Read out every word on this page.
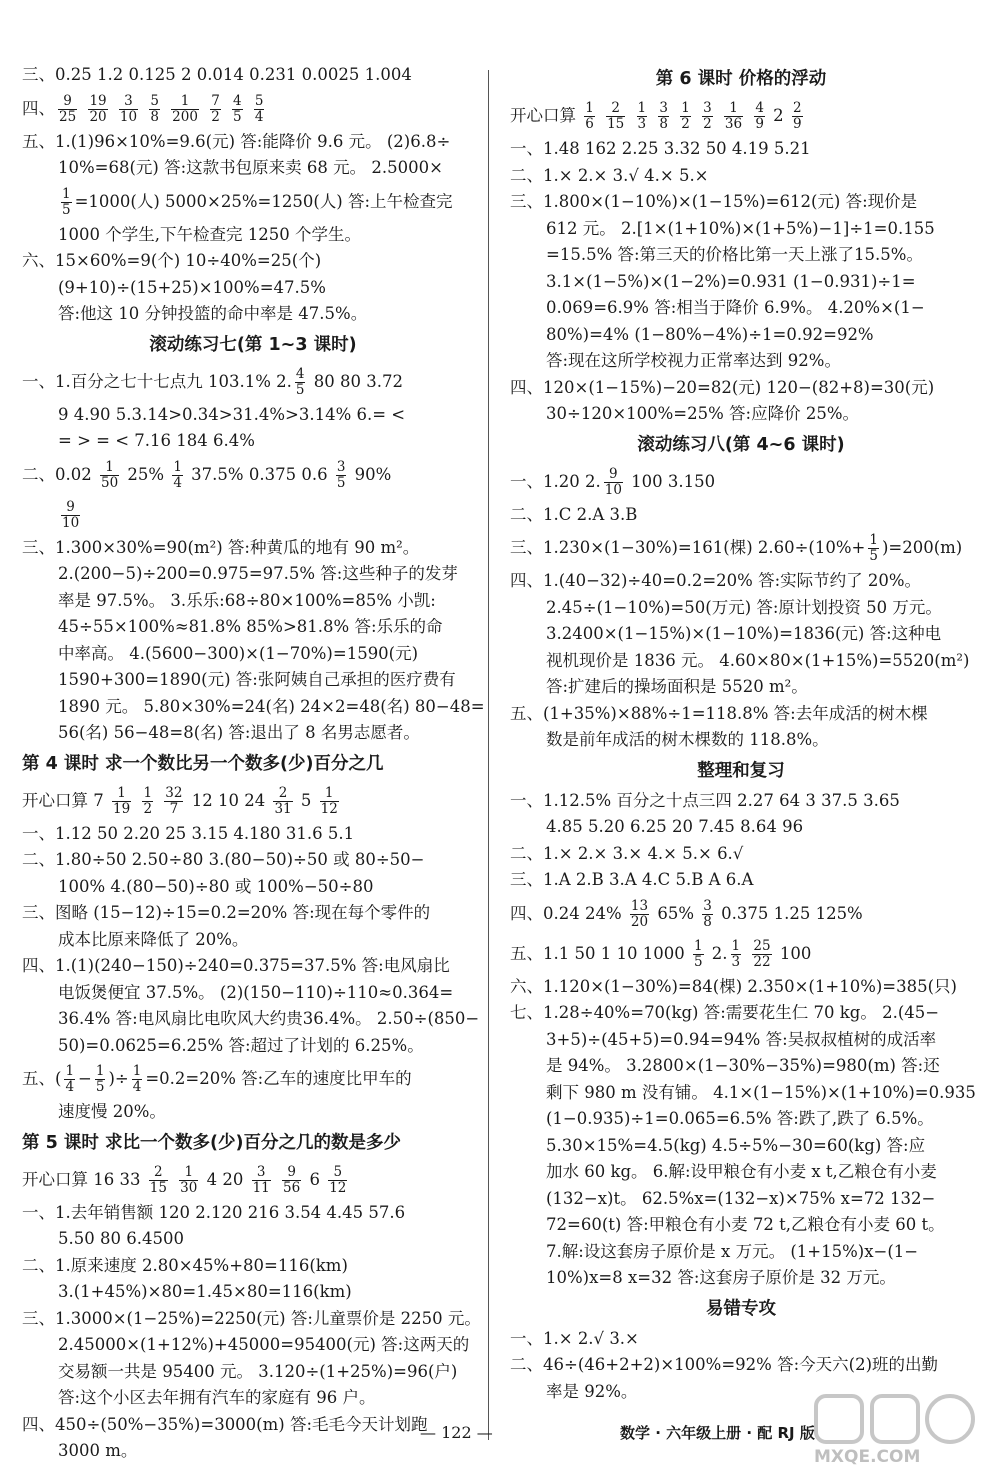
三、0.25 1.2 0.125 2 0.014 0.231 0.0025 1.004
四、 $\frac{9}{25}$
$\frac{19}{20}$
$\frac{3}{10}$
$\frac{5}{8}$
$\frac{1}{200}$
$\frac{7}{2}$
$\frac{4}{5}$
$\frac{5}{4}$
五、1.(1)96×10%=9.6(元) 答:能降价 9.6 元。 (2)6.8÷
10%=68(元) 答:这款书包原来卖 68 元。 2.5000×
$\frac{1}{5} =1000$(人) 5000×25%=1250(人) 答:上午检查完
1000 个学生,下午检查完 1250 个学生。
六、15×60%=9(个) 10÷40%=25(个)
(9+10)÷(15+25)×100%=47.5%
答:他这 10 分钟投篮的命中率是 47.5%。
滚动练习七(第 1~3 课时)
一、1.百分之七十七点九 103.1% 2. $\frac{4}{5} 80$ 80 3.72
9 4.90 5.3.14>0.34>31.4%>3.14% 6.= <
= > = < 7.16 184 6.4%
二、$0.02 \frac{1}{50} 25\% \frac{1}{4} 37.5\%$ 0.375 $0.6 \frac{3}{5} 90\%$
$\frac{9}{10}$
三、1.300×30%=90(m²) 答:种黄瓜的地有 90 m²。
2.(200−5)÷200=0.975=97.5% 答:这些种子的发芽
率是 97.5%。 3.乐乐:68÷80×100%=85% 小凯:
45÷55×100%≈81.8% 85%>81.8% 答:乐乐的命
中率高。 4.(5600−300)×(1−70%)=1590(元)
1590+300=1890(元) 答:张阿姨自己承担的医疗费有
1890 元。 5.80×30%=24(名) 24×2=48(名) 80−48=
56(名) 56−48=8(名) 答:退出了 8 名男志愿者。
第 4 课时 求一个数比另一个数多(少)百分之几
开心口算 $7 \frac{1}{19}$
$\frac{1}{2}$
$\frac{32}{7} 12$ 10 $24 \frac{2}{31} 5 \frac{1}{12}$
一、1.12 50 2.20 25 3.15 4.180 31.6 5.1
二、1.80÷50 2.50÷80 3.(80−50)÷50 或 80÷50−
100% 4.(80−50)÷80 或 100%−50÷80
三、图略 (15−12)÷15=0.2=20% 答:现在每个零件的
成本比原来降低了 20%。
四、1.(1)(240−150)÷240=0.375=37.5% 答:电风扇比
电饭煲便宜 37.5%。 (2)(150−110)÷110≈0.364=
36.4% 答:电风扇比电吹风大约贵36.4%。 2.50÷(850−
50)=0.0625=6.25% 答:超过了计划的 6.25%。
五、( $\frac{1}{4} - \frac{1}{5}$ )÷ $\frac{1}{4} =0.2=20\%$ 答:乙车的速度比甲车的
速度慢 20%。
第 5 课时 求比一个数多(少)百分之几的数是多少
开心口算 16 $33 \frac{2}{15}$
$\frac{1}{30} 4$ $20 \frac{3}{11}$
$\frac{9}{56} 6 \frac{5}{12}$
一、1.去年销售额 120 2.120 216 3.54 4.45 57.6
5.50 80 6.4500
二、1.原来速度 2.80×45%+80=116(km)
3.(1+45%)×80=1.45×80=116(km)
三、1.3000×(1−25%)=2250(元) 答:儿童票价是 2250 元。
2.45000×(1+12%)+45000=95400(元) 答:这两天的
交易额一共是 95400 元。 3.120÷(1+25%)=96(户)
答:这个小区去年拥有汽车的家庭有 96 户。
四、450÷(50%−35%)=3000(m) 答:毛毛今天计划跑
3000 m。
第 6 课时 价格的浮动
开心口算 $\frac{1}{6}$
$\frac{2}{15}$
$\frac{1}{3}$
$\frac{3}{8}$
$\frac{1}{2}$
$\frac{3}{2}$
$\frac{1}{36}$
$\frac{4}{9} 2 \frac{2}{9}$
一、1.48 162 2.25 3.32 50 4.19 5.21
二、1.× 2.× 3.√ 4.× 5.×
三、1.800×(1−10%)×(1−15%)=612(元) 答:现价是
612 元。 2.[1×(1+10%)×(1+5%)−1]÷1=0.155
=15.5% 答:第三天的价格比第一天上涨了15.5%。
3.1×(1−5%)×(1−2%)=0.931 (1−0.931)÷1=
0.069=6.9% 答:相当于降价 6.9%。 4.20%×(1−
80%)=4% (1−80%−4%)÷1=0.92=92%
答:现在这所学校视力正常率达到 92%。
四、120×(1−15%)−20=82(元) 120−(82+8)=30(元)
30÷120×100%=25% 答:应降价 25%。
滚动练习八(第 4~6 课时)
一、1.20 2. $\frac{9}{10} 100$ 3.150
二、1.C 2.A 3.B
三、1.230×(1−30%)=161(棵) $2.60\div(10\%+ \frac{1}{5} )=200(m)$
四、1.(40−32)÷40=0.2=20% 答:实际节约了 20%。
2.45÷(1−10%)=50(万元) 答:原计划投资 50 万元。
3.2400×(1−15%)×(1−10%)=1836(元) 答:这种电
视机现价是 1836 元。 4.60×80×(1+15%)=5520(m²)
答:扩建后的操场面积是 5520 m²。
五、(1+35%)×88%÷1=118.8% 答:去年成活的树木棵
数是前年成活的树木棵数的 118.8%。
整理和复习
一、1.12.5% 百分之十点三四 2.27 64 3 37.5 3.65
4.85 5.20 6.25 20 7.45 8.64 96
二、1.× 2.× 3.× 4.× 5.× 6.√
三、1.A 2.B 3.A 4.C 5.B A 6.A
四、0.24 $24\% \frac{13}{20} 65\% \frac{3}{8} 0.375$ 1.25 125%
五、1.1 50 1 10 $1000 \frac{1}{5} 2$. $\frac{1}{3}$
$\frac{25}{22} 100$
六、1.120×(1−30%)=84(棵) 2.350×(1+10%)=385(只)
七、1.28÷40%=70(kg) 答:需要花生仁 70 kg。 2.(45−
3+5)÷(45+5)=0.94=94% 答:吴叔叔植树的成活率
是 94%。 3.2800×(1−30%−35%)=980(m) 答:还
剩下 980 m 没有铺。 4.1×(1−15%)×(1+10%)=0.935
(1−0.935)÷1=0.065=6.5% 答:跌了,跌了 6.5%。
5.30×15%=4.5(kg) 4.5÷5%−30=60(kg) 答:应
加水 60 kg。 6.解:设甲粮仓有小麦 x t,乙粮仓有小麦
(132−x)t。 62.5%x=(132−x)×75% x=72 132−
72=60(t) 答:甲粮仓有小麦 72 t,乙粮仓有小麦 60 t。
7.解:设这套房子原价是 x 万元。 (1+15%)x−(1−
10%)x=8 x=32 答:这套房子原价是 32 万元。
易错专攻
一、1.× 2.√ 3.×
二、46÷(46+2+2)×100%=92% 答:今天六(2)班的出勤
率是 92%。
— 122 —	数学 · 六年级上册 · 配 RJ 版
MXQE.COM
